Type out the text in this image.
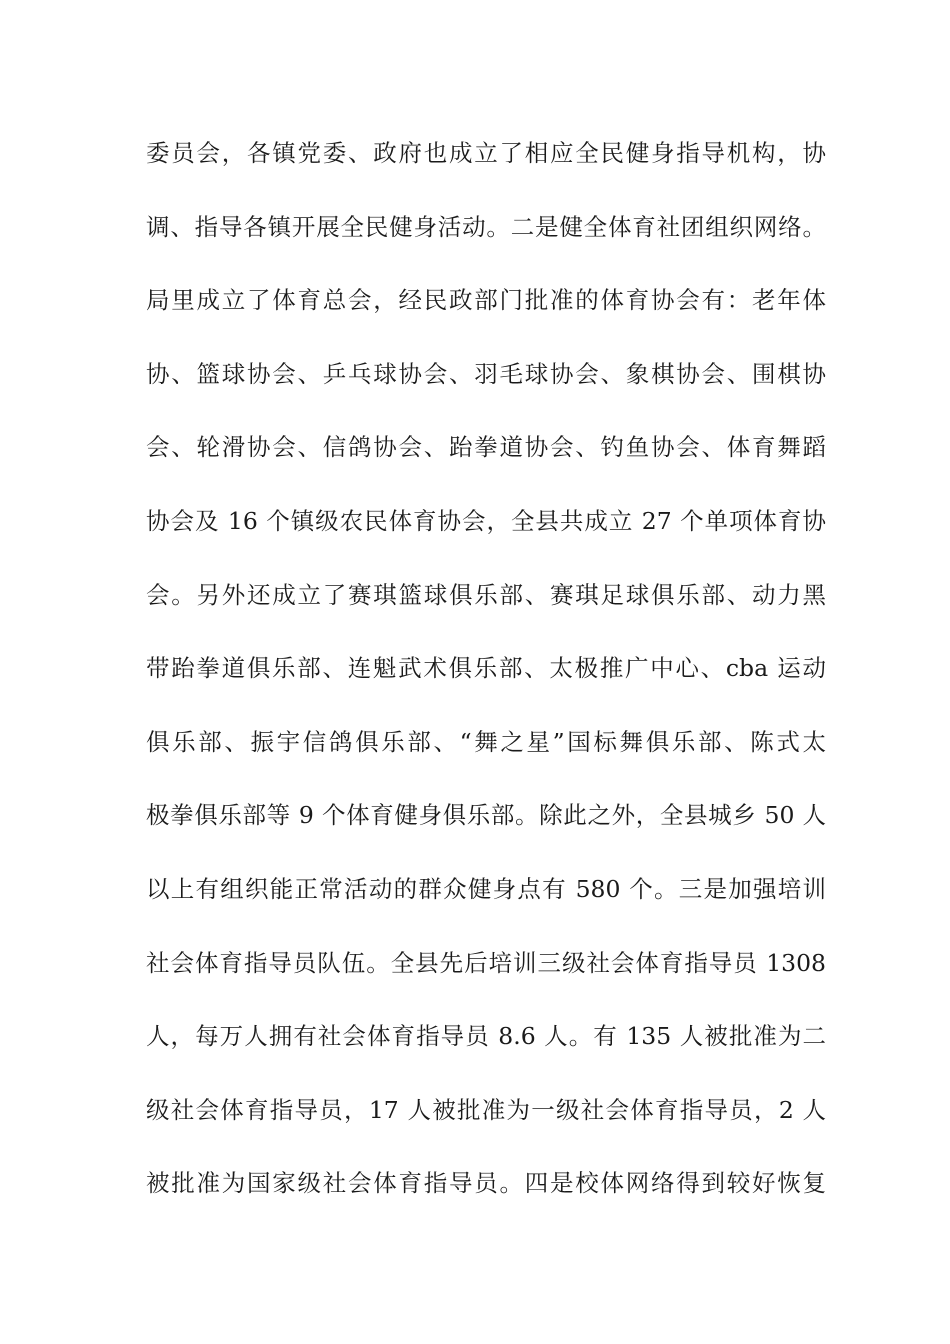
委员会，各镇党委、政府也成立了相应全民健身指导机构，协
调、指导各镇开展全民健身活动。二是健全体育社团组织网络。
局里成立了体育总会，经民政部门批准的体育协会有：老年体
协、篮球协会、乒乓球协会、羽毛球协会、象棋协会、围棋协
会、轮滑协会、信鸽协会、跆拳道协会、钓鱼协会、体育舞蹈
协会及 16 个镇级农民体育协会，全县共成立 27 个单项体育协
会。另外还成立了赛琪篮球俱乐部、赛琪足球俱乐部、动力黑
带跆拳道俱乐部、连魁武术俱乐部、太极推广中心、cba 运动
俱乐部、振宇信鸽俱乐部、“舞之星”国标舞俱乐部、陈式太
极拳俱乐部等 9 个体育健身俱乐部。除此之外，全县城乡 50 人
以上有组织能正常活动的群众健身点有 580 个。三是加强培训
社会体育指导员队伍。全县先后培训三级社会体育指导员 1308
人，每万人拥有社会体育指导员 8.6 人。有 135 人被批准为二
级社会体育指导员，17 人被批准为一级社会体育指导员，2 人
被批准为国家级社会体育指导员。四是校体网络得到较好恢复
